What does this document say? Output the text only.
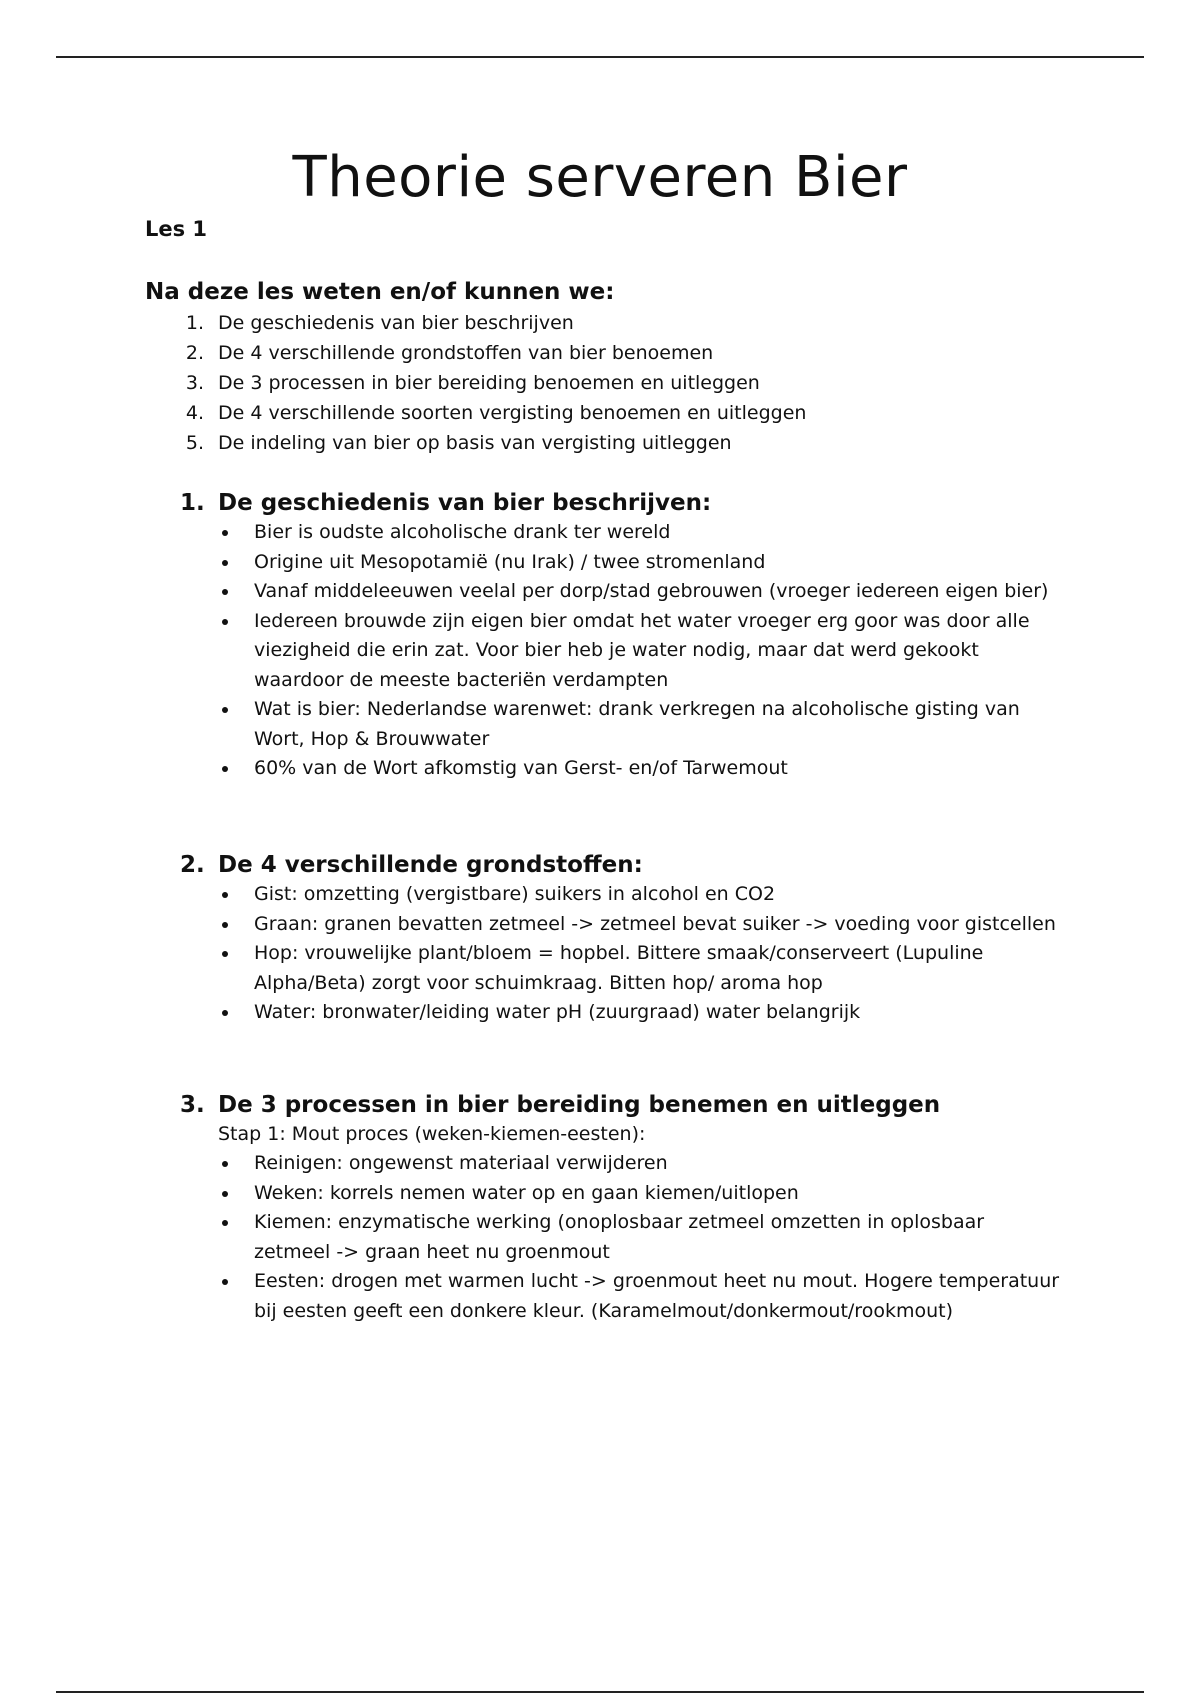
Theorie serveren Bier
Les 1
Na deze les weten en/of kunnen we:
1. De geschiedenis van bier beschrijven
2. De 4 verschillende grondstoffen van bier benoemen
3. De 3 processen in bier bereiding benoemen en uitleggen
4. De 4 verschillende soorten vergisting benoemen en uitleggen
5. De indeling van bier op basis van vergisting uitleggen
1. De geschiedenis van bier beschrijven:
Bier is oudste alcoholische drank ter wereld
Origine uit Mesopotamië (nu Irak) / twee stromenland
Vanaf middeleeuwen veelal per dorp/stad gebrouwen (vroeger iedereen eigen bier)
Iedereen brouwde zijn eigen bier omdat het water vroeger erg goor was door alle viezigheid die erin zat. Voor bier heb je water nodig, maar dat werd gekookt waardoor de meeste bacteriën verdampten
Wat is bier: Nederlandse warenwet: drank verkregen na alcoholische gisting van Wort, Hop & Brouwwater
60% van de Wort afkomstig van Gerst- en/of Tarwemout
2. De 4 verschillende grondstoffen:
Gist: omzetting (vergistbare) suikers in alcohol en CO2
Graan: granen bevatten zetmeel -> zetmeel bevat suiker -> voeding voor gistcellen
Hop: vrouwelijke plant/bloem = hopbel. Bittere smaak/conserveert (Lupuline Alpha/Beta) zorgt voor schuimkraag. Bitten hop/ aroma hop
Water: bronwater/leiding water pH (zuurgraad) water belangrijk
3. De 3 processen in bier bereiding benemen en uitleggen
Stap 1: Mout proces (weken-kiemen-eesten):
Reinigen: ongewenst materiaal verwijderen
Weken: korrels nemen water op en gaan kiemen/uitlopen
Kiemen: enzymatische werking (onoplosbaar zetmeel omzetten in oplosbaar zetmeel -> graan heet nu groenmout
Eesten: drogen met warmen lucht -> groenmout heet nu mout. Hogere temperatuur bij eesten geeft een donkere kleur. (Karamelmout/donkermout/rookmout)
